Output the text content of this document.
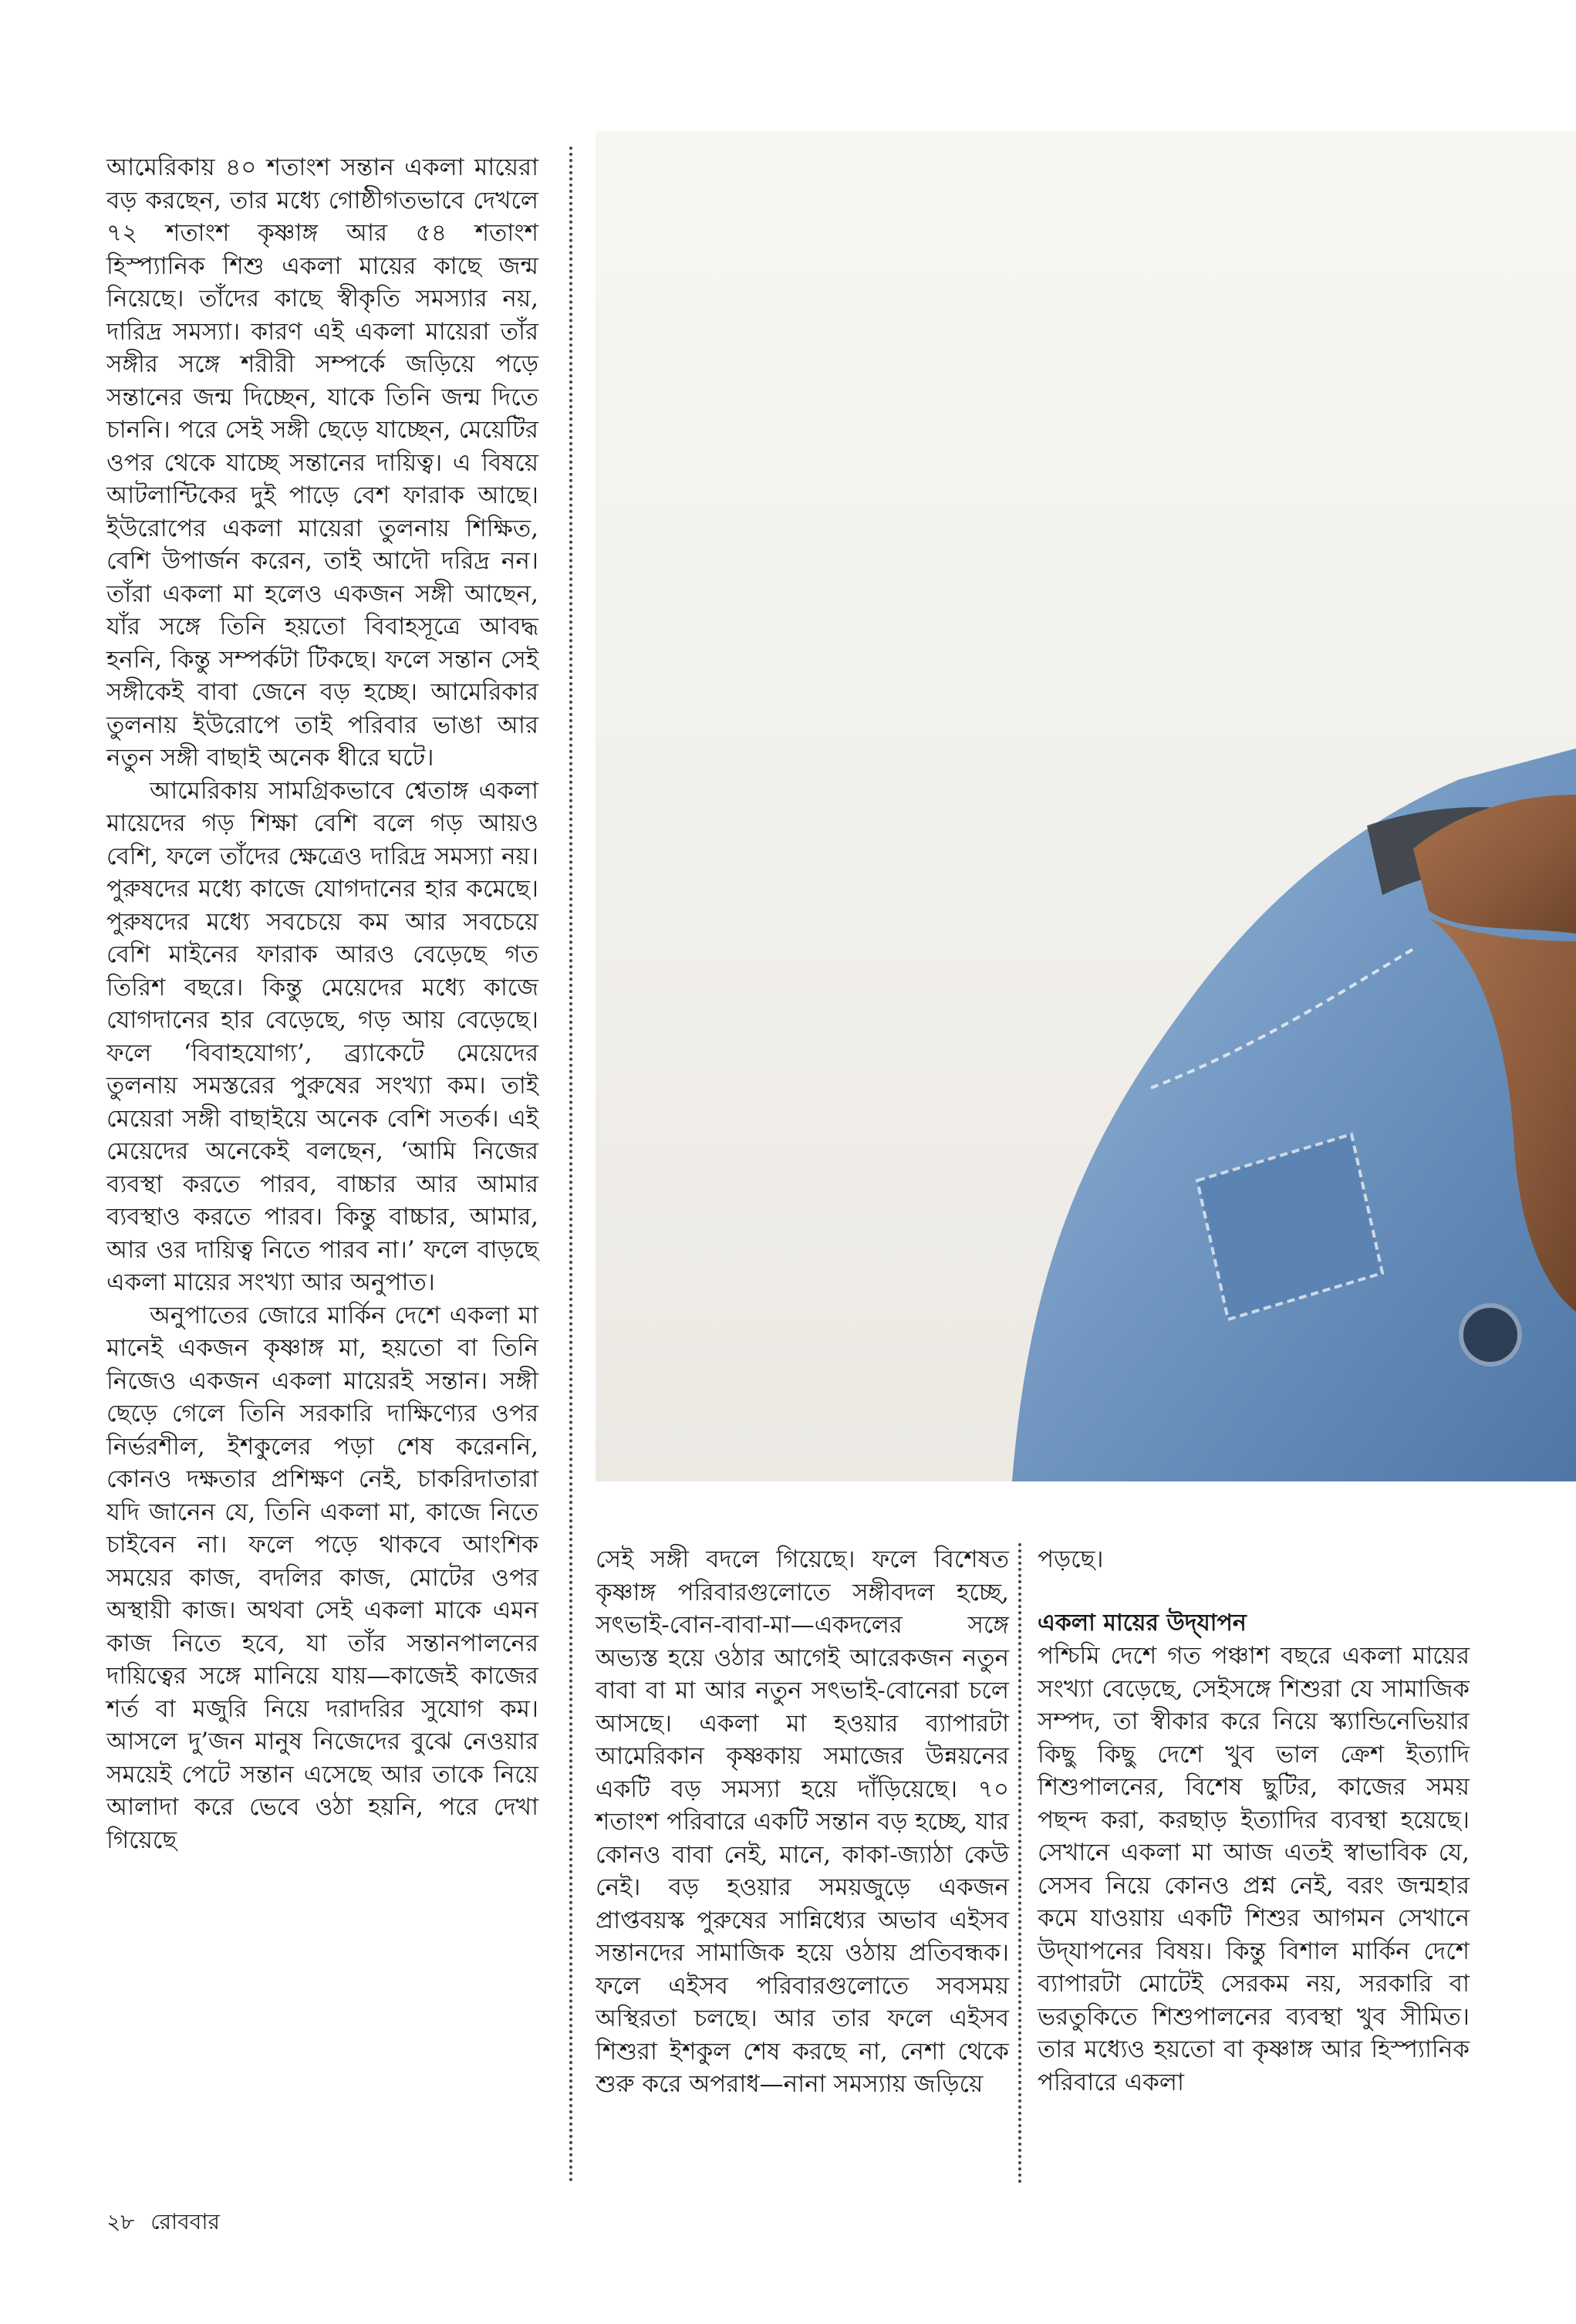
আমেরিকায় ৪০ শতাংশ সন্তান একলা মায়েরা বড় করছেন, তার মধ্যে গোষ্ঠীগতভাবে দেখলে ৭২ শতাংশ কৃষ্ণাঙ্গ আর ৫৪ শতাংশ হিস্প্যানিক শিশু একলা মায়ের কাছে জন্ম নিয়েছে। তাঁদের কাছে স্বীকৃতি সমস্যার নয়, দারিদ্র সমস্যা। কারণ এই একলা মায়েরা তাঁর সঙ্গীর সঙ্গে শরীরী সম্পর্কে জড়িয়ে পড়ে সন্তানের জন্ম দিচ্ছেন, যাকে তিনি জন্ম দিতে চাননি। পরে সেই সঙ্গী ছেড়ে যাচ্ছেন, মেয়েটির ওপর থেকে যাচ্ছে সন্তানের দায়িত্ব। এ বিষয়ে আটলান্টিকের দুই পাড়ে বেশ ফারাক আছে। ইউরোপের একলা মায়েরা তুলনায় শিক্ষিত, বেশি উপার্জন করেন, তাই আদৌ দরিদ্র নন। তাঁরা একলা মা হলেও একজন সঙ্গী আছেন, যাঁর সঙ্গে তিনি হয়তো বিবাহসূত্রে আবদ্ধ হননি, কিন্তু সম্পর্কটা টিকছে। ফলে সন্তান সেই সঙ্গীকেই বাবা জেনে বড় হচ্ছে। আমেরিকার তুলনায় ইউরোপে তাই পরিবার ভাঙা আর নতুন সঙ্গী বাছাই অনেক ধীরে ঘটে।

আমেরিকায় সামগ্রিকভাবে শ্বেতাঙ্গ একলা মায়েদের গড় শিক্ষা বেশি বলে গড় আয়ও বেশি, ফলে তাঁদের ক্ষেত্রেও দারিদ্র সমস্যা নয়। পুরুষদের মধ্যে কাজে যোগদানের হার কমেছে। পুরুষদের মধ্যে সবচেয়ে কম আর সবচেয়ে বেশি মাইনের ফারাক আরও বেড়েছে গত তিরিশ বছরে। কিন্তু মেয়েদের মধ্যে কাজে যোগদানের হার বেড়েছে, গড় আয় বেড়েছে। ফলে ‘বিবাহযোগ্য’, ব্র্যাকেটে মেয়েদের তুলনায় সমস্তরের পুরুষের সংখ্যা কম। তাই মেয়েরা সঙ্গী বাছাইয়ে অনেক বেশি সতর্ক। এই মেয়েদের অনেকেই বলছেন, ‘আমি নিজের ব্যবস্থা করতে পারব, বাচ্চার আর আমার ব্যবস্থাও করতে পারব। কিন্তু বাচ্চার, আমার, আর ওর দায়িত্ব নিতে পারব না।’ ফলে বাড়ছে একলা মায়ের সংখ্যা আর অনুপাত।

অনুপাতের জোরে মার্কিন দেশে একলা মা মানেই একজন কৃষ্ণাঙ্গ মা, হয়তো বা তিনি নিজেও একজন একলা মায়েরই সন্তান। সঙ্গী ছেড়ে গেলে তিনি সরকারি দাক্ষিণ্যের ওপর নির্ভরশীল, ইশকুলের পড়া শেষ করেননি, কোনও দক্ষতার প্রশিক্ষণ নেই, চাকরিদাতারা যদি জানেন যে, তিনি একলা মা, কাজে নিতে চাইবেন না। ফলে পড়ে থাকবে আংশিক সময়ের কাজ, বদলির কাজ, মোটের ওপর অস্থায়ী কাজ। অথবা সেই একলা মাকে এমন কাজ নিতে হবে, যা তাঁর সন্তানপালনের দায়িত্বের সঙ্গে মানিয়ে যায়—কাজেই কাজের শর্ত বা মজুরি নিয়ে দরাদরির সুযোগ কম। আসলে দু’জন মানুষ নিজেদের বুঝে নেওয়ার সময়েই পেটে সন্তান এসেছে আর তাকে নিয়ে আলাদা করে ভেবে ওঠা হয়নি, পরে দেখা গিয়েছে

সেই সঙ্গী বদলে গিয়েছে। ফলে বিশেষত কৃষ্ণাঙ্গ পরিবারগুলোতে সঙ্গীবদল হচ্ছে, সৎভাই-বোন-বাবা-মা—একদলের সঙ্গে অভ্যস্ত হয়ে ওঠার আগেই আরেকজন নতুন বাবা বা মা আর নতুন সৎভাই-বোনেরা চলে আসছে। একলা মা হওয়ার ব্যাপারটা আমেরিকান কৃষ্ণকায় সমাজের উন্নয়নের একটি বড় সমস্যা হয়ে দাঁড়িয়েছে। ৭০ শতাংশ পরিবারে একটি সন্তান বড় হচ্ছে, যার কোনও বাবা নেই, মানে, কাকা-জ্যাঠা কেউ নেই। বড় হওয়ার সময়জুড়ে একজন প্রাপ্তবয়স্ক পুরুষের সান্নিধ্যের অভাব এইসব সন্তানদের সামাজিক হয়ে ওঠায় প্রতিবন্ধক। ফলে এইসব পরিবারগুলোতে সবসময় অস্থিরতা চলছে। আর তার ফলে এইসব শিশুরা ইশকুল শেষ করছে না, নেশা থেকে শুরু করে অপরাধ—নানা সমস্যায় জড়িয়ে

পড়ছে।

একলা মায়ের উদ্‌যাপন

পশ্চিমি দেশে গত পঞ্চাশ বছরে একলা মায়ের সংখ্যা বেড়েছে, সেইসঙ্গে শিশুরা যে সামাজিক সম্পদ, তা স্বীকার করে নিয়ে স্ক্যান্ডিনেভিয়ার কিছু কিছু দেশে খুব ভাল ক্রেশ ইত্যাদি শিশুপালনের, বিশেষ ছুটির, কাজের সময় পছন্দ করা, করছাড় ইত্যাদির ব্যবস্থা হয়েছে। সেখানে একলা মা আজ এতই স্বাভাবিক যে, সেসব নিয়ে কোনও প্রশ্ন নেই, বরং জন্মহার কমে যাওয়ায় একটি শিশুর আগমন সেখানে উদ্‌যাপনের বিষয়। কিন্তু বিশাল মার্কিন দেশে ব্যাপারটা মোটেই সেরকম নয়, সরকারি বা ভরতুকিতে শিশুপালনের ব্যবস্থা খুব সীমিত। তার মধ্যেও হয়তো বা কৃষ্ণাঙ্গ আর হিস্প্যানিক পরিবারে একলা

২৮ রোববার
